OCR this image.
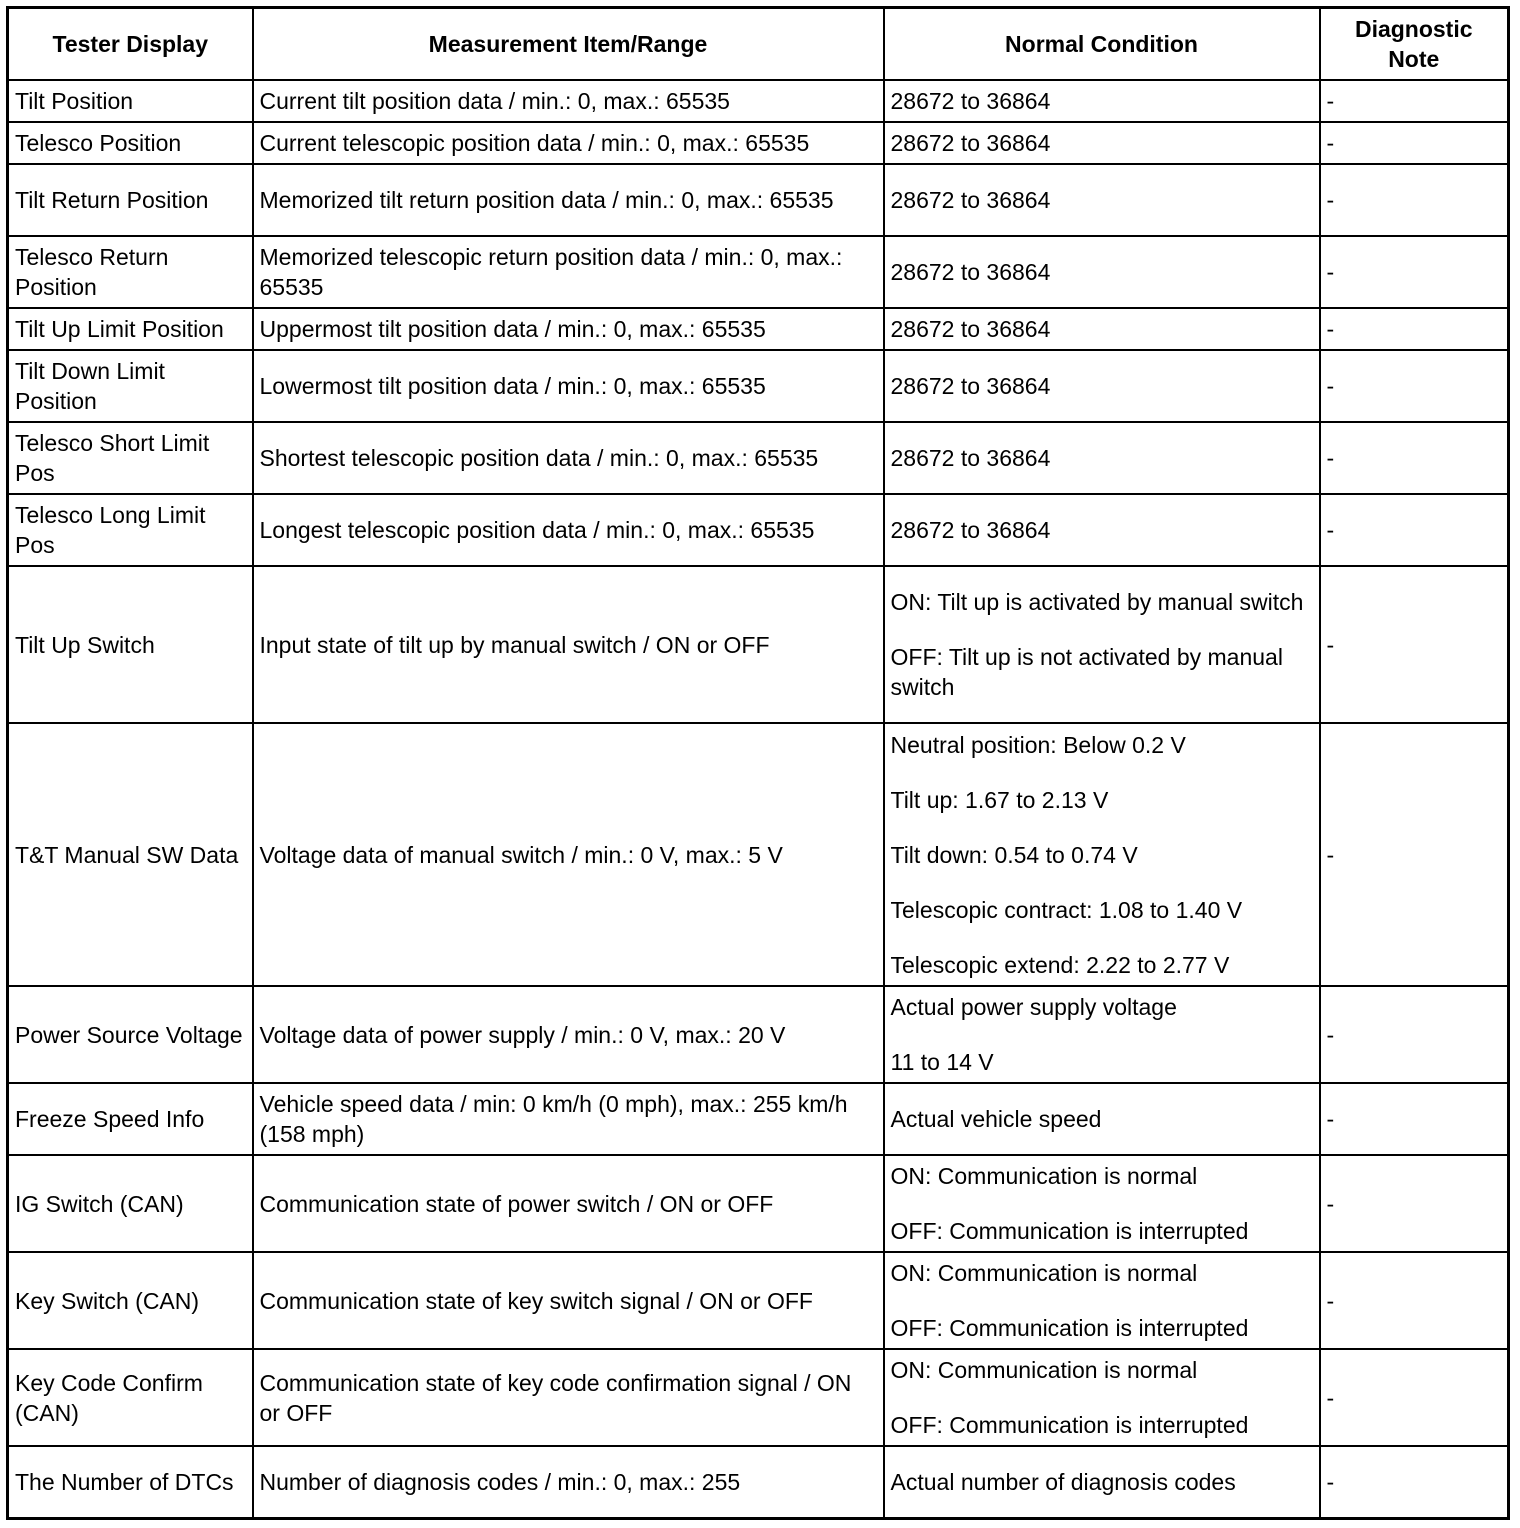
Tester Display	Measurement Item/Range	Normal Condition	Diagnostic Note
Tilt Position	Current tilt position data / min.: 0, max.: 65535	28672 to 36864	-
Telesco Position	Current telescopic position data / min.: 0, max.: 65535	28672 to 36864	-
Tilt Return Position	Memorized tilt return position data / min.: 0, max.: 65535	28672 to 36864	-
Telesco Return Position	Memorized telescopic return position data / min.: 0, max.: 65535	28672 to 36864	-
Tilt Up Limit Position	Uppermost tilt position data / min.: 0, max.: 65535	28672 to 36864	-
Tilt Down Limit Position	Lowermost tilt position data / min.: 0, max.: 65535	28672 to 36864	-
Telesco Short Limit Pos	Shortest telescopic position data / min.: 0, max.: 65535	28672 to 36864	-
Telesco Long Limit Pos	Longest telescopic position data / min.: 0, max.: 65535	28672 to 36864	-
Tilt Up Switch	Input state of tilt up by manual switch / ON or OFF	ON: Tilt up is activated by manual switch

OFF: Tilt up is not activated by manual switch	-
T&T Manual SW Data	Voltage data of manual switch / min.: 0 V, max.: 5 V	Neutral position: Below 0.2 V

Tilt up: 1.67 to 2.13 V

Tilt down: 0.54 to 0.74 V

Telescopic contract: 1.08 to 1.40 V

Telescopic extend: 2.22 to 2.77 V	-
Power Source Voltage	Voltage data of power supply / min.: 0 V, max.: 20 V	Actual power supply voltage

11 to 14 V	-
Freeze Speed Info	Vehicle speed data / min: 0 km/h (0 mph), max.: 255 km/h (158 mph)	Actual vehicle speed	-
IG Switch (CAN)	Communication state of power switch / ON or OFF	ON: Communication is normal

OFF: Communication is interrupted	-
Key Switch (CAN)	Communication state of key switch signal / ON or OFF	ON: Communication is normal

OFF: Communication is interrupted	-
Key Code Confirm (CAN)	Communication state of key code confirmation signal / ON or OFF	ON: Communication is normal

OFF: Communication is interrupted	-
The Number of DTCs	Number of diagnosis codes / min.: 0, max.: 255	Actual number of diagnosis codes	-
